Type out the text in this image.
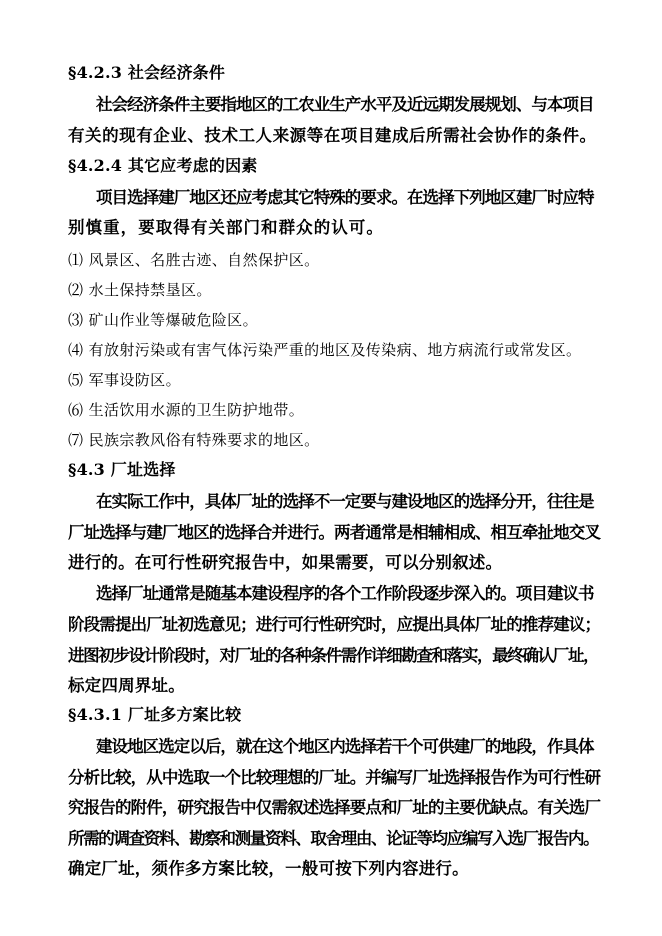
§4.2.3 社会经济条件
社会经济条件主要指地区的工农业生产水平及近远期发展规划、与本项目
有关的现有企业、技术工人来源等在项目建成后所需社会协作的条件。
§4.2.4 其它应考虑的因素
项目选择建厂地区还应考虑其它特殊的要求。在选择下列地区建厂时应特
别慎重，要取得有关部门和群众的认可。
⑴ 风景区、名胜古迹、自然保护区。
⑵ 水土保持禁垦区。
⑶ 矿山作业等爆破危险区。
⑷ 有放射污染或有害气体污染严重的地区及传染病、地方病流行或常发区。
⑸ 军事设防区。
⑹ 生活饮用水源的卫生防护地带。
⑺ 民族宗教风俗有特殊要求的地区。
§4.3 厂址选择
在实际工作中，具体厂址的选择不一定要与建设地区的选择分开，往往是
厂址选择与建厂地区的选择合并进行。两者通常是相辅相成、相互牵扯地交叉
进行的。在可行性研究报告中，如果需要，可以分别叙述。
选择厂址通常是随基本建设程序的各个工作阶段逐步深入的。项目建议书
阶段需提出厂址初选意见；进行可行性研究时，应提出具体厂址的推荐建议；
进图初步设计阶段时，对厂址的各种条件需作详细勘查和落实，最终确认厂址，
标定四周界址。
§4.3.1 厂址多方案比较
建设地区选定以后，就在这个地区内选择若干个可供建厂的地段，作具体
分析比较，从中选取一个比较理想的厂址。并编写厂址选择报告作为可行性研
究报告的附件，研究报告中仅需叙述选择要点和厂址的主要优缺点。有关选厂
所需的调查资料、勘察和测量资料、取舍理由、论证等均应编写入选厂报告内。
确定厂址，须作多方案比较，一般可按下列内容进行。
